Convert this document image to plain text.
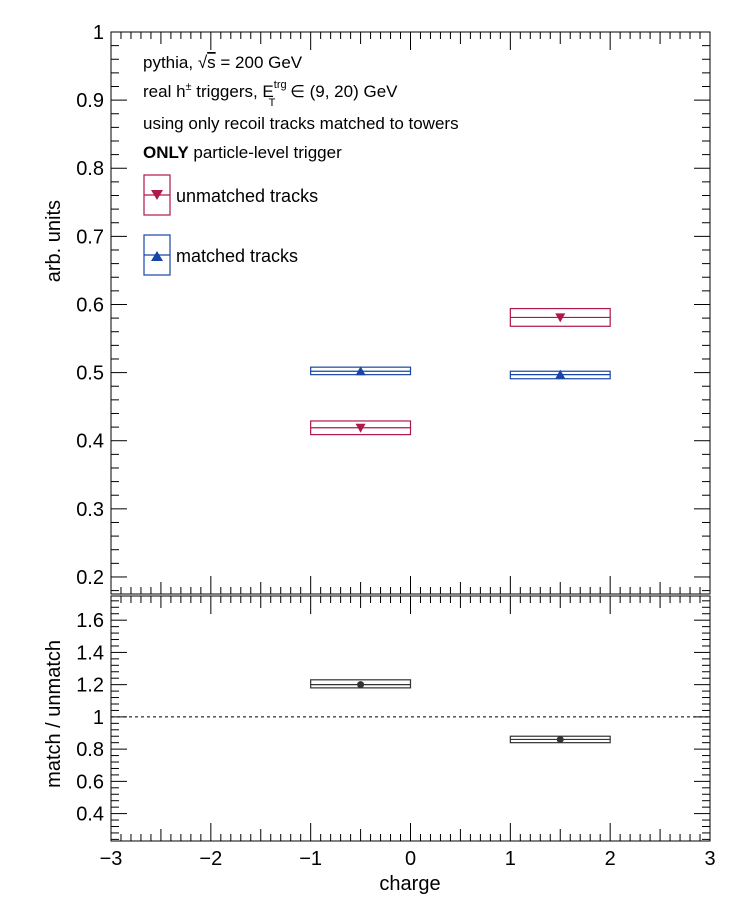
0.2
0.3
0.4
0.5
0.6
0.7
0.8
0.9
1
arb. units
pythia, √s = 200 GeV
real h± triggers, $E^{trg}$ T ∈ (9, 20) GeV
using only recoil tracks matched to towers
ONLY particle-level trigger
unmatched tracks
matched tracks
0.4
0.6
0.8
1
1.2
1.4
1.6
−3	−2	−1	0	1	2	3
match / unmatch
charge
